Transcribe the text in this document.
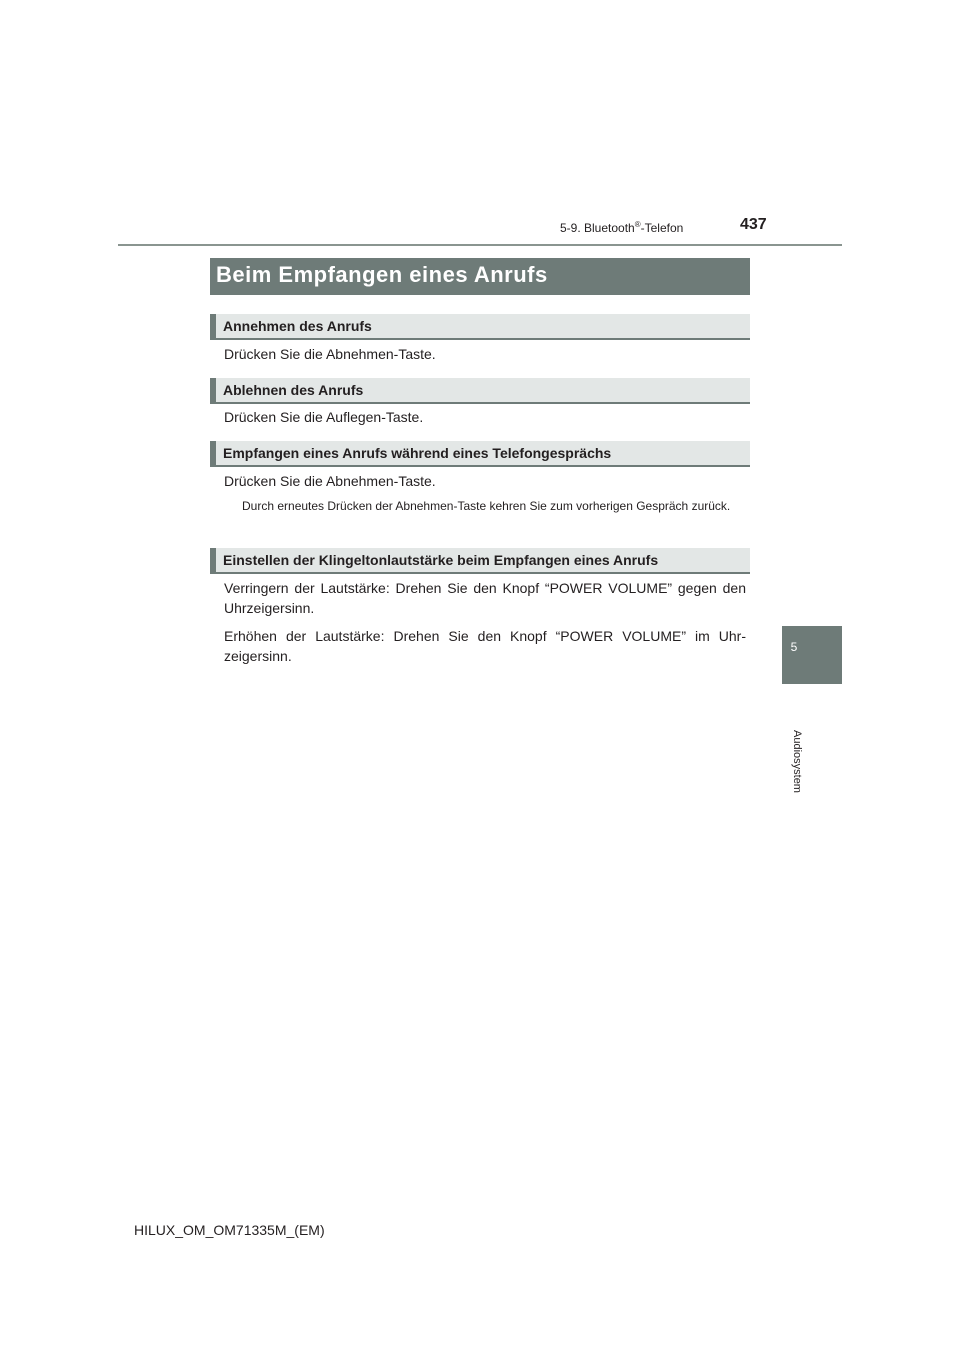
5-9. Bluetooth®-Telefon	437
5
Audiosystem
Beim Empfangen eines Anrufs
Annehmen des Anrufs

Drücken Sie die Abnehmen-Taste.

Ablehnen des Anrufs

Drücken Sie die Auflegen-Taste.

Empfangen eines Anrufs während eines Telefongesprächs

Drücken Sie die Abnehmen-Taste.

Durch erneutes Drücken der Abnehmen-Taste kehren Sie zum vorherigen Gespräch zurück.

Einstellen der Klingeltonlautstärke beim Empfangen eines Anrufs

Verringern der Lautstärke: Drehen Sie den Knopf “POWER VOLUME” gegen den Uhrzeigersinn.

Erhöhen der Lautstärke: Drehen Sie den Knopf “POWER VOLUME” im Uhr-zeigersinn.

HILUX_OM_OM71335M_(EM)
